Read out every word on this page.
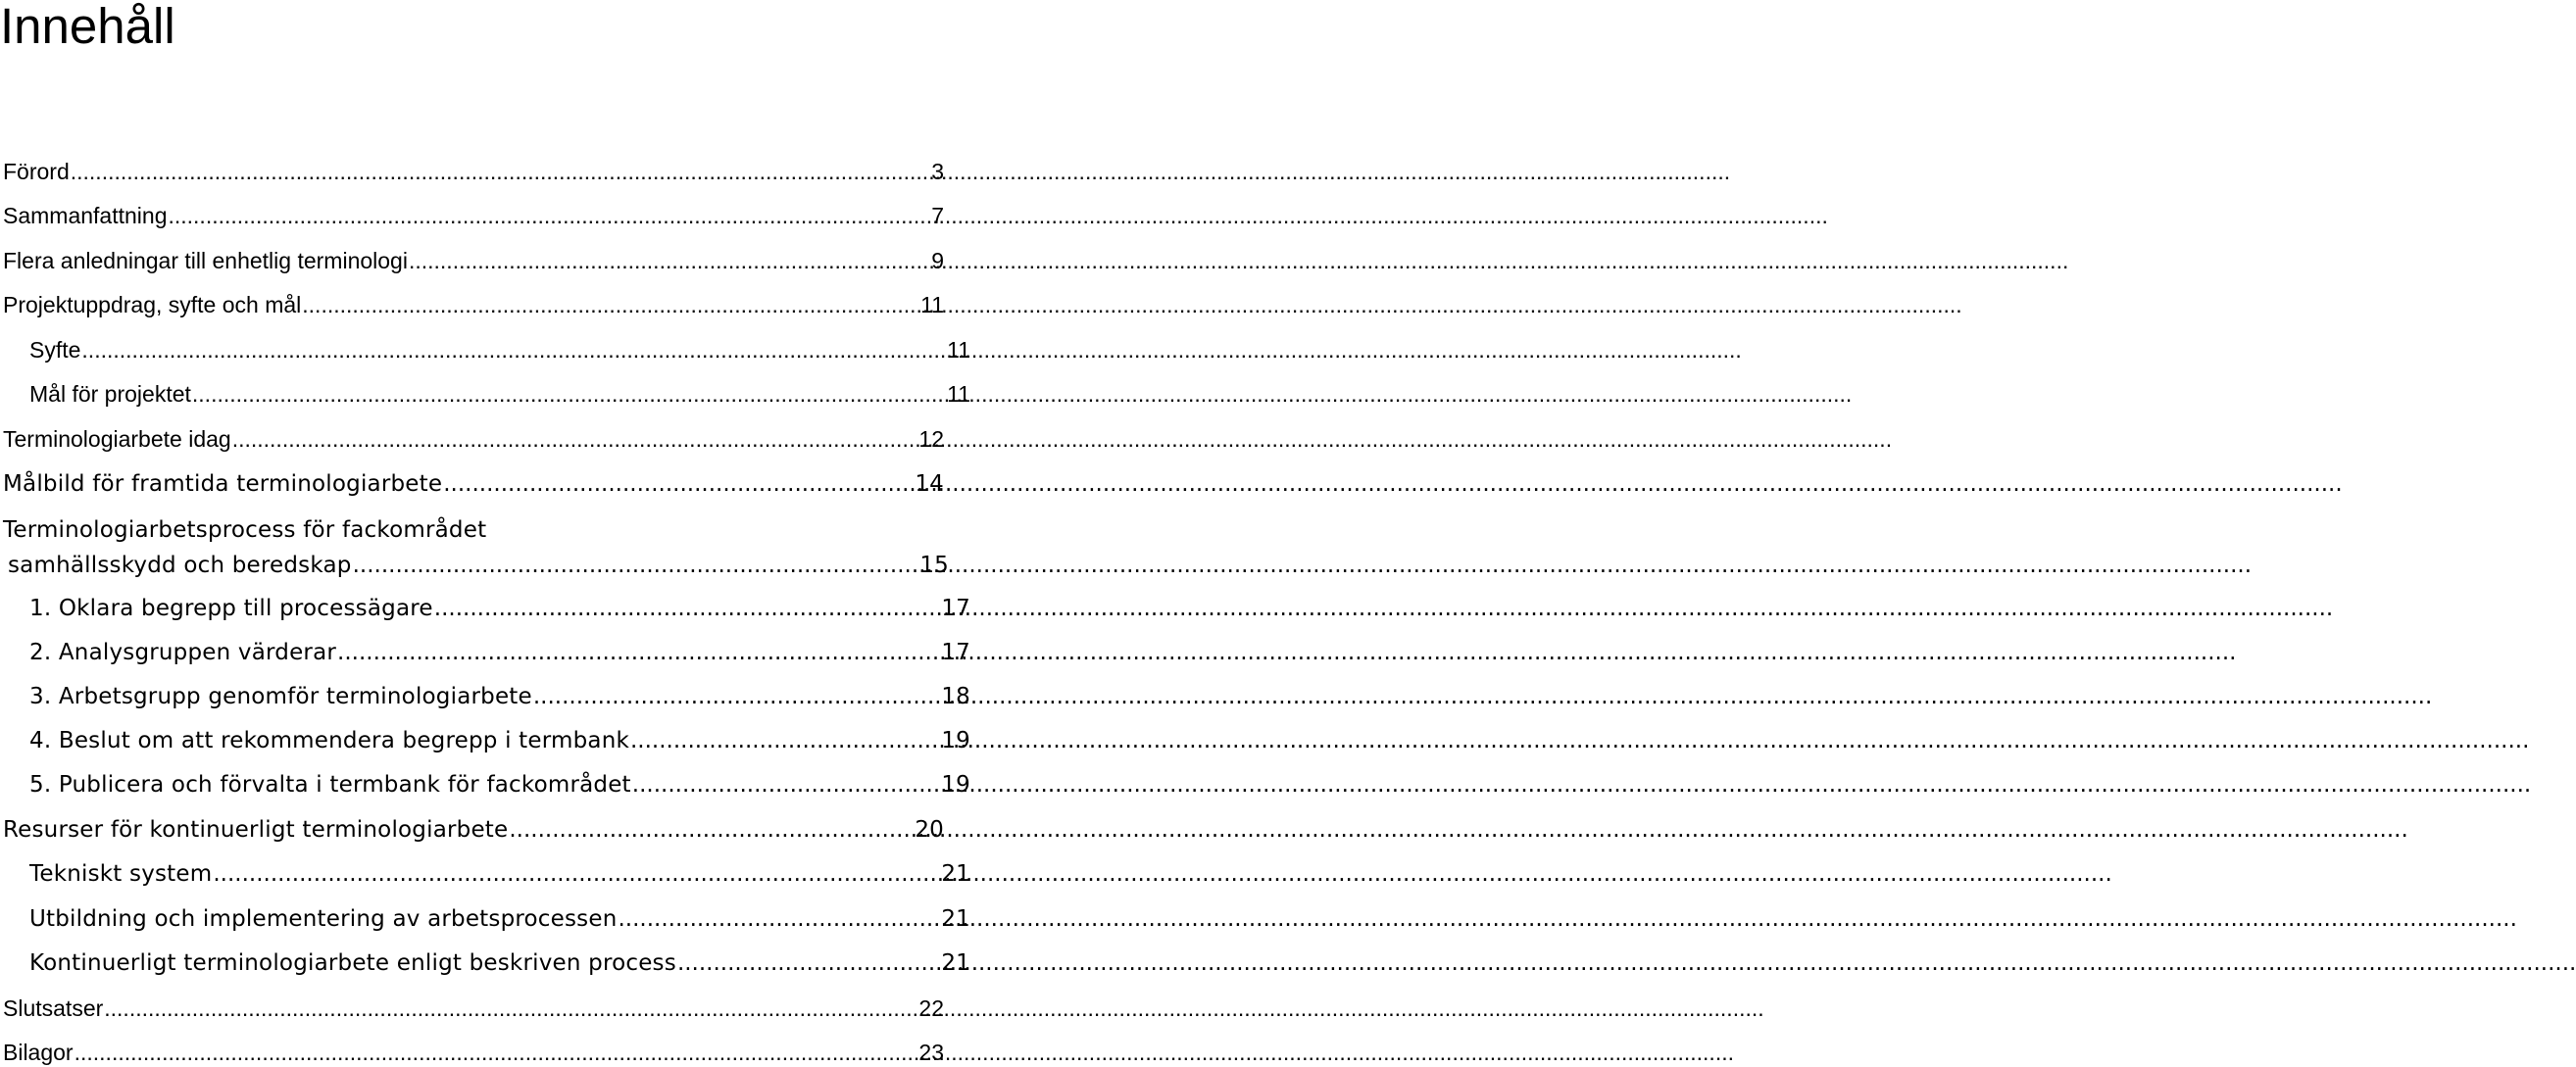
Innehåll
Förord .....	3
Sammanfattning .....	7
Flera anledningar till enhetlig terminologi .....	9
Projektuppdrag, syfte och mål .....	11
Syfte .....	11
Mål för projektet .....	11
Terminologiarbete idag .....	12
Målbild för framtida terminologiarbete .....	14
Terminologiarbetsprocess för fackområdet
samhällsskydd och beredskap .....	15
1. Oklara begrepp till processägare .....	17
2. Analysgruppen värderar .....	17
3. Arbetsgrupp genomför terminologiarbete .....	18
4. Beslut om att rekommendera begrepp i termbank .....	19
5. Publicera och förvalta i termbank för fackområdet .....	19
Resurser för kontinuerligt terminologiarbete .....	20
Tekniskt system .....	21
Utbildning och implementering av arbetsprocessen .....	21
Kontinuerligt terminologiarbete enligt beskriven process .....	21
Slutsatser .....	22
Bilagor .....	23
